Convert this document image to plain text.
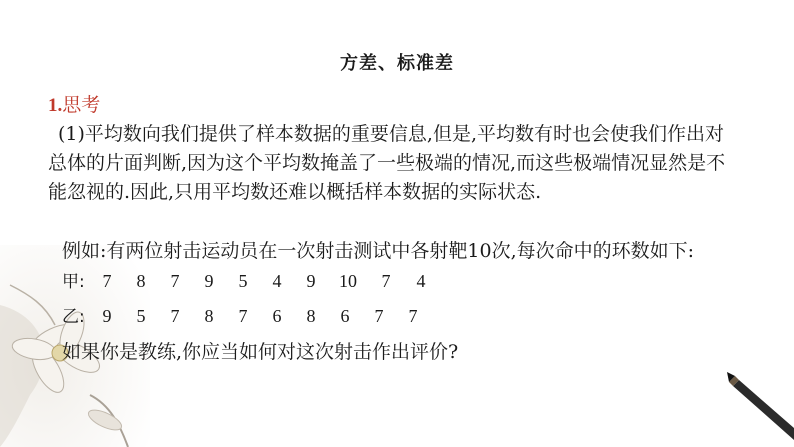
方差、标准差
1.思考
(1)平均数向我们提供了样本数据的重要信息,但是,平均数有时也会使我们作出对
总体的片面判断,因为这个平均数掩盖了一些极端的情况,而这些极端情况显然是不
能忽视的.因此,只用平均数还难以概括样本数据的实际状态.
例如:有两位射击运动员在一次射击测试中各射靶10次,每次命中的环数如下:
甲: 7 8 7 9 5 4 9 10 7 4
乙: 9 5 7 8 7 6 8 6 7 7
如果你是教练,你应当如何对这次射击作出评价?
